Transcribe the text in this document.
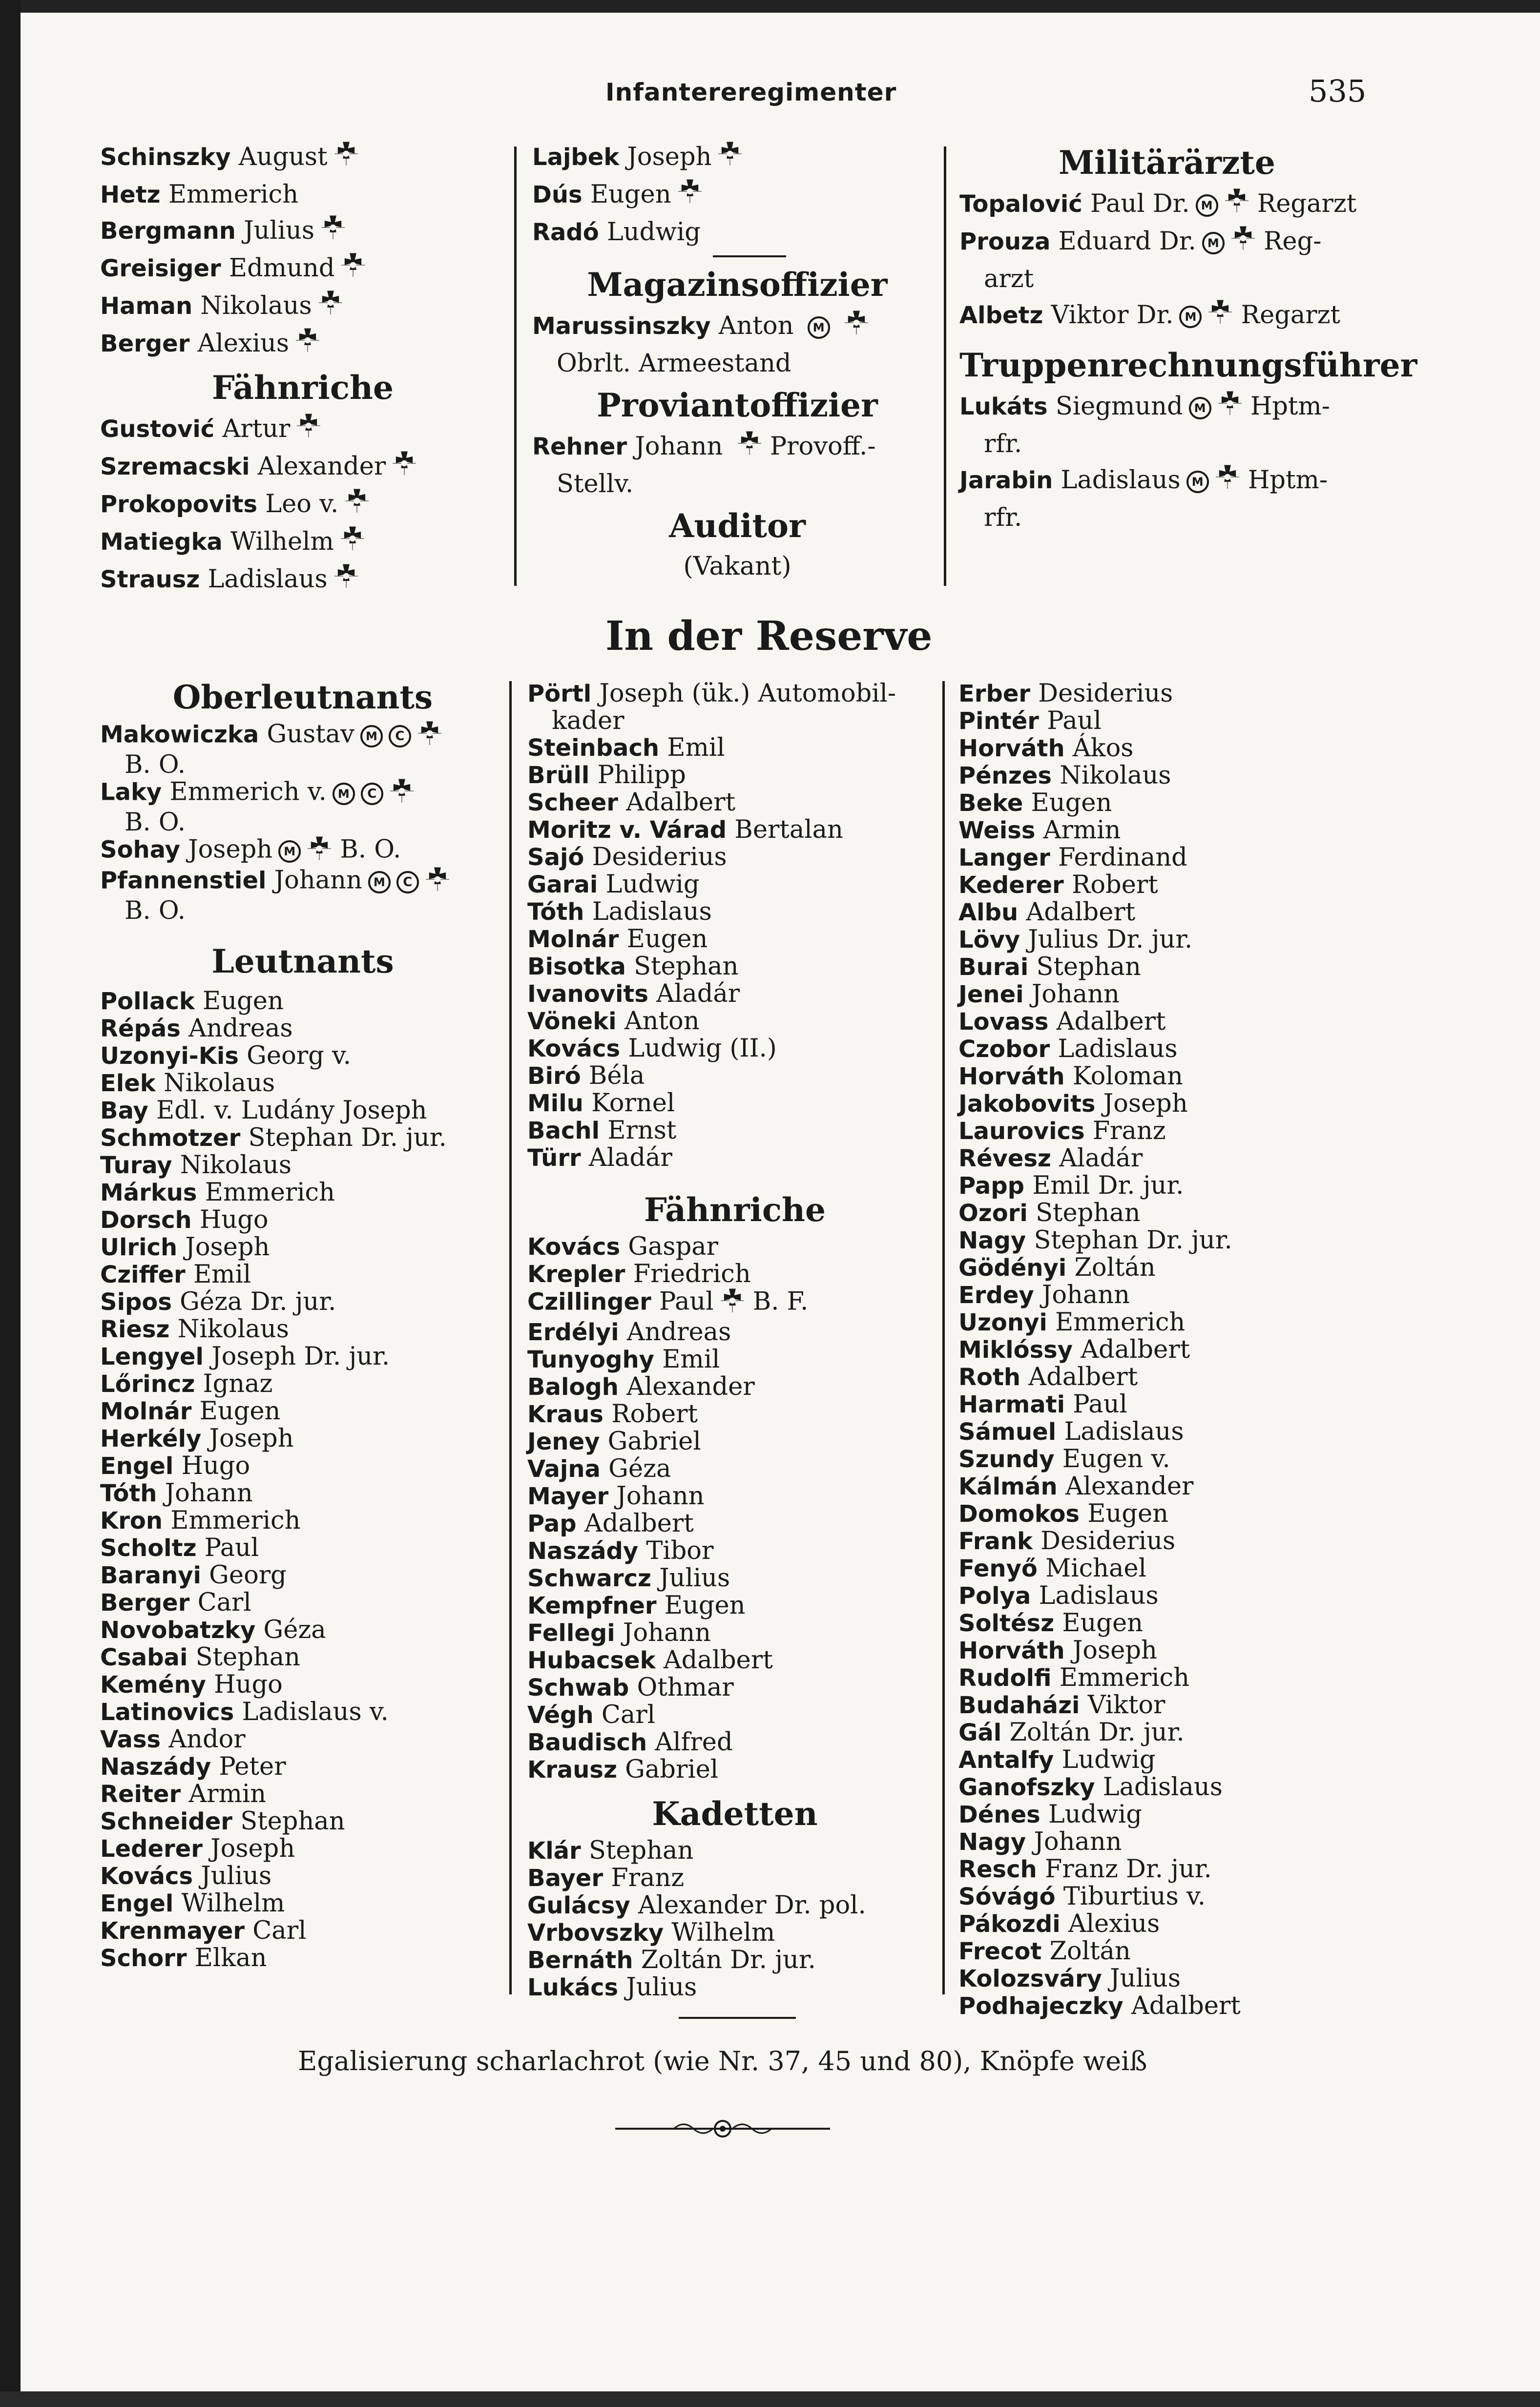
Infantereregimenter	535
Schinszky August
Hetz Emmerich
Bergmann Julius
Greisiger Edmund
Haman Nikolaus
Berger Alexius
Fähnriche
Gustović Artur
Szremacski Alexander
Prokopovits Leo v.
Matiegka Wilhelm
Strausz Ladislaus
Lajbek Joseph
Dús Eugen
Radó Ludwig
Magazinsoffizier
Marussinszky Anton M
Obrlt. Armeestand
Proviantoffizier
Rehner Johann Provoff.-
Stellv.
Auditor
(Vakant)
Militärärzte
Topalović Paul Dr. M Regarzt
Prouza Eduard Dr. M Reg-
arzt
Albetz Viktor Dr. M Regarzt
Truppenrechnungsführer
Lukáts Siegmund M Hptm-
rfr.
Jarabin Ladislaus M Hptm-
rfr.
In der Reserve
Oberleutnants
Makowiczka Gustav M C
B. O.
Laky Emmerich v. M C
B. O.
Sohay Joseph M B. O.
Pfannenstiel Johann M C
B. O.
Leutnants
Pollack Eugen
Répás Andreas
Uzonyi-Kis Georg v.
Elek Nikolaus
Bay Edl. v. Ludány Joseph
Schmotzer Stephan Dr. jur.
Turay Nikolaus
Márkus Emmerich
Dorsch Hugo
Ulrich Joseph
Cziffer Emil
Sipos Géza Dr. jur.
Riesz Nikolaus
Lengyel Joseph Dr. jur.
Lőrincz Ignaz
Molnár Eugen
Herkély Joseph
Engel Hugo
Tóth Johann
Kron Emmerich
Scholtz Paul
Baranyi Georg
Berger Carl
Novobatzky Géza
Csabai Stephan
Kemény Hugo
Latinovics Ladislaus v.
Vass Andor
Naszády Peter
Reiter Armin
Schneider Stephan
Lederer Joseph
Kovács Julius
Engel Wilhelm
Krenmayer Carl
Schorr Elkan
Pörtl Joseph (ük.) Automobil-
kader
Steinbach Emil
Brüll Philipp
Scheer Adalbert
Moritz v. Várad Bertalan
Sajó Desiderius
Garai Ludwig
Tóth Ladislaus
Molnár Eugen
Bisotka Stephan
Ivanovits Aladár
Vöneki Anton
Kovács Ludwig (II.)
Biró Béla
Milu Kornel
Bachl Ernst
Türr Aladár
Fähnriche
Kovács Gaspar
Krepler Friedrich
Czillinger Paul B. F.
Erdélyi Andreas
Tunyoghy Emil
Balogh Alexander
Kraus Robert
Jeney Gabriel
Vajna Géza
Mayer Johann
Pap Adalbert
Naszády Tibor
Schwarcz Julius
Kempfner Eugen
Fellegi Johann
Hubacsek Adalbert
Schwab Othmar
Végh Carl
Baudisch Alfred
Krausz Gabriel
Kadetten
Klár Stephan
Bayer Franz
Gulácsy Alexander Dr. pol.
Vrbovszky Wilhelm
Bernáth Zoltán Dr. jur.
Lukács Julius
Erber Desiderius
Pintér Paul
Horváth Ákos
Pénzes Nikolaus
Beke Eugen
Weiss Armin
Langer Ferdinand
Kederer Robert
Albu Adalbert
Lövy Julius Dr. jur.
Burai Stephan
Jenei Johann
Lovass Adalbert
Czobor Ladislaus
Horváth Koloman
Jakobovits Joseph
Laurovics Franz
Révesz Aladár
Papp Emil Dr. jur.
Ozori Stephan
Nagy Stephan Dr. jur.
Gödényi Zoltán
Erdey Johann
Uzonyi Emmerich
Miklóssy Adalbert
Roth Adalbert
Harmati Paul
Sámuel Ladislaus
Szundy Eugen v.
Kálmán Alexander
Domokos Eugen
Frank Desiderius
Fenyő Michael
Polya Ladislaus
Soltész Eugen
Horváth Joseph
Rudolfi Emmerich
Budaházi Viktor
Gál Zoltán Dr. jur.
Antalfy Ludwig
Ganofszky Ladislaus
Dénes Ludwig
Nagy Johann
Resch Franz Dr. jur.
Sóvágó Tiburtius v.
Pákozdi Alexius
Frecot Zoltán
Kolozsváry Julius
Podhajeczky Adalbert
Egalisierung scharlachrot (wie Nr. 37, 45 und 80), Knöpfe weiß
